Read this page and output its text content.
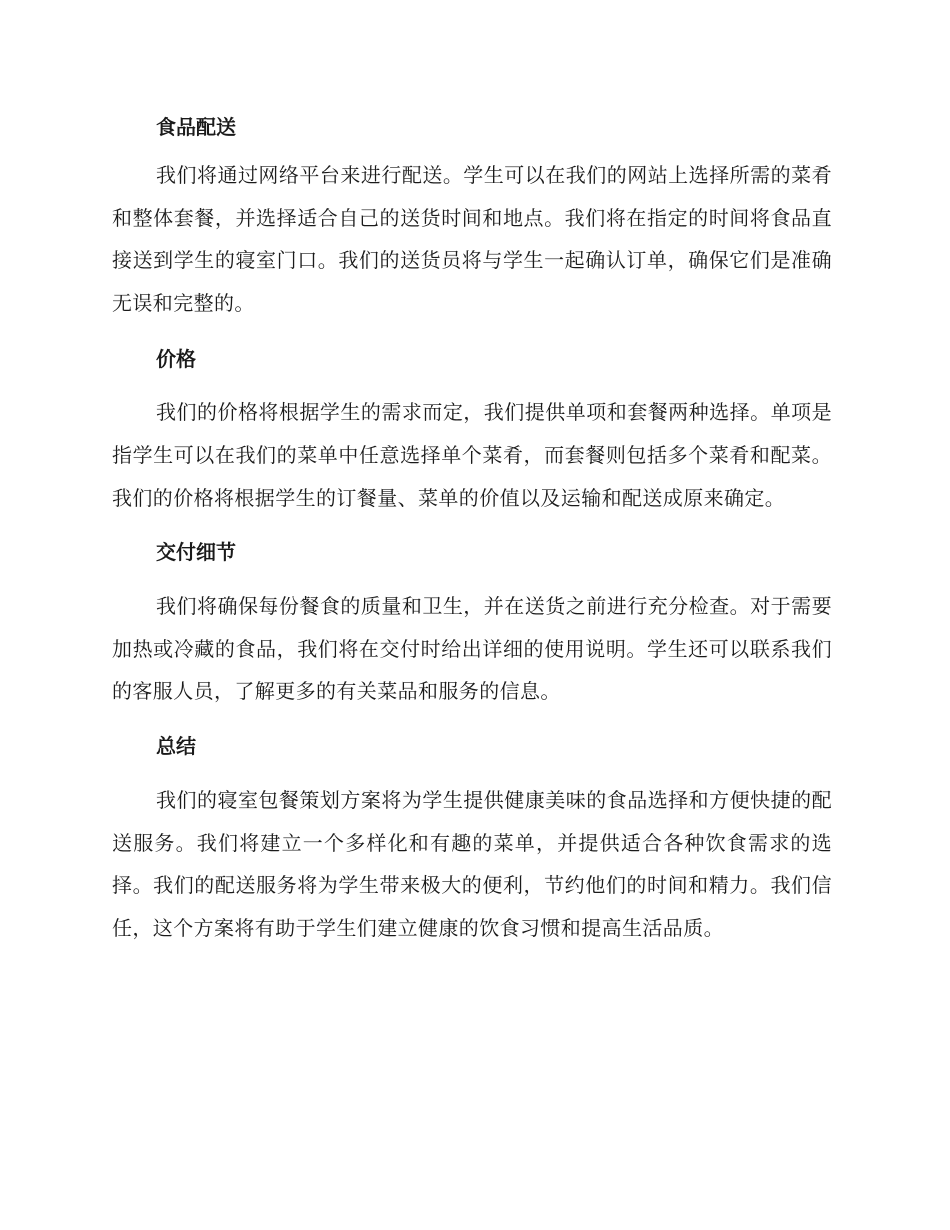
食品配送

我们将通过网络平台来进行配送。学生可以在我们的网站上选择所需的菜肴和整体套餐，并选择适合自己的送货时间和地点。我们将在指定的时间将食品直接送到学生的寝室门口。我们的送货员将与学生一起确认订单，确保它们是准确无误和完整的。

价格

我们的价格将根据学生的需求而定，我们提供单项和套餐两种选择。单项是指学生可以在我们的菜单中任意选择单个菜肴，而套餐则包括多个菜肴和配菜。我们的价格将根据学生的订餐量、菜单的价值以及运输和配送成原来确定。

交付细节

我们将确保每份餐食的质量和卫生，并在送货之前进行充分检查。对于需要加热或冷藏的食品，我们将在交付时给出详细的使用说明。学生还可以联系我们的客服人员，了解更多的有关菜品和服务的信息。

总结

我们的寝室包餐策划方案将为学生提供健康美味的食品选择和方便快捷的配送服务。我们将建立一个多样化和有趣的菜单，并提供适合各种饮食需求的选择。我们的配送服务将为学生带来极大的便利，节约他们的时间和精力。我们信任，这个方案将有助于学生们建立健康的饮食习惯和提高生活品质。
